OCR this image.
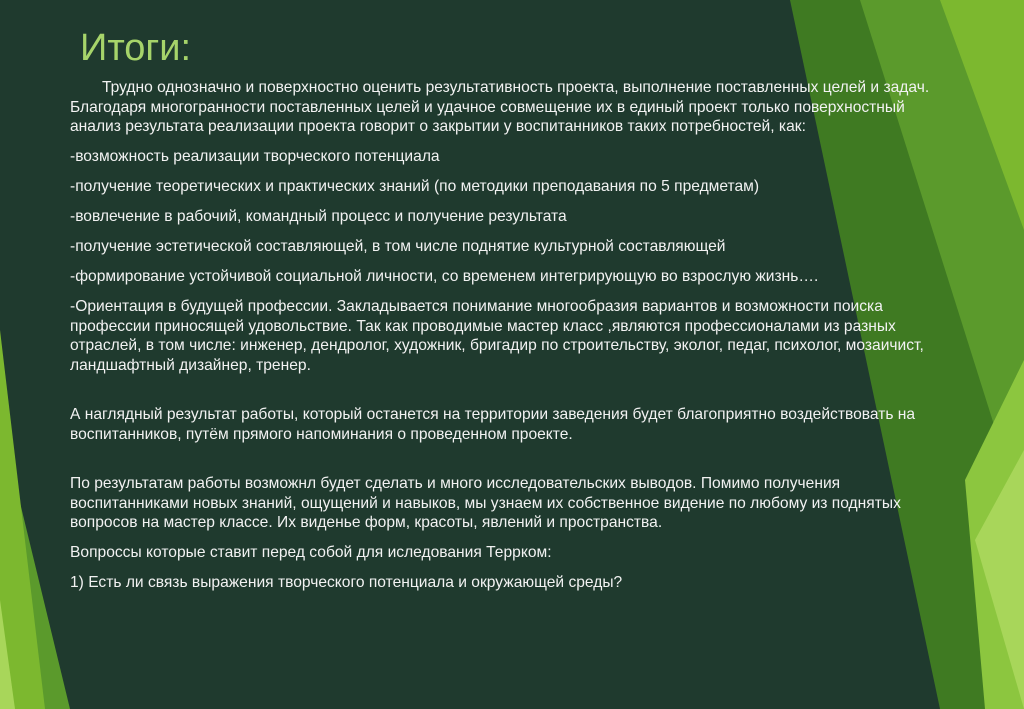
Итоги:

Трудно однозначно и поверхностно оценить результативность проекта, выполнение поставленных целей и задач. Благодаря многогранности поставленных целей и удачное совмещение их в единый проект только поверхностный анализ результата реализации проекта говорит о закрытии у воспитанников таких потребностей, как:

-возможность реализации творческого потенциала

-получение теоретических и практических знаний (по методики преподавания по 5 предметам)

-вовлечение в рабочий, командный процесс и получение результата

-получение эстетической составляющей, в том числе поднятие культурной составляющей

-формирование устойчивой социальной личности, со временем интегрирующую во взрослую жизнь….

-Ориентация в будущей профессии. Закладывается понимание многообразия вариантов и возможности поиска профессии приносящей удовольствие. Так как проводимые мастер класс ,являются профессионалами из разных отраслей, в том числе: инженер, дендролог, художник, бригадир по строительству, эколог, педаг, психолог, мозаичист, ландшафтный дизайнер, тренер.

А наглядный результат работы, который останется на территории заведения будет благоприятно воздействовать на воспитанников, путём прямого напоминания о проведенном проекте.

По результатам работы возможнл будет сделать и много исследовательских выводов. Помимо получения воспитанниками новых знаний, ощущений и навыков, мы узнаем их собственное видение по любому из поднятых вопросов на мастер классе. Их виденье форм, красоты, явлений и пространства.

Вопроссы которые ставит перед собой для иследования Террком:

1) Есть ли связь выражения творческого потенциала и окружающей среды?
